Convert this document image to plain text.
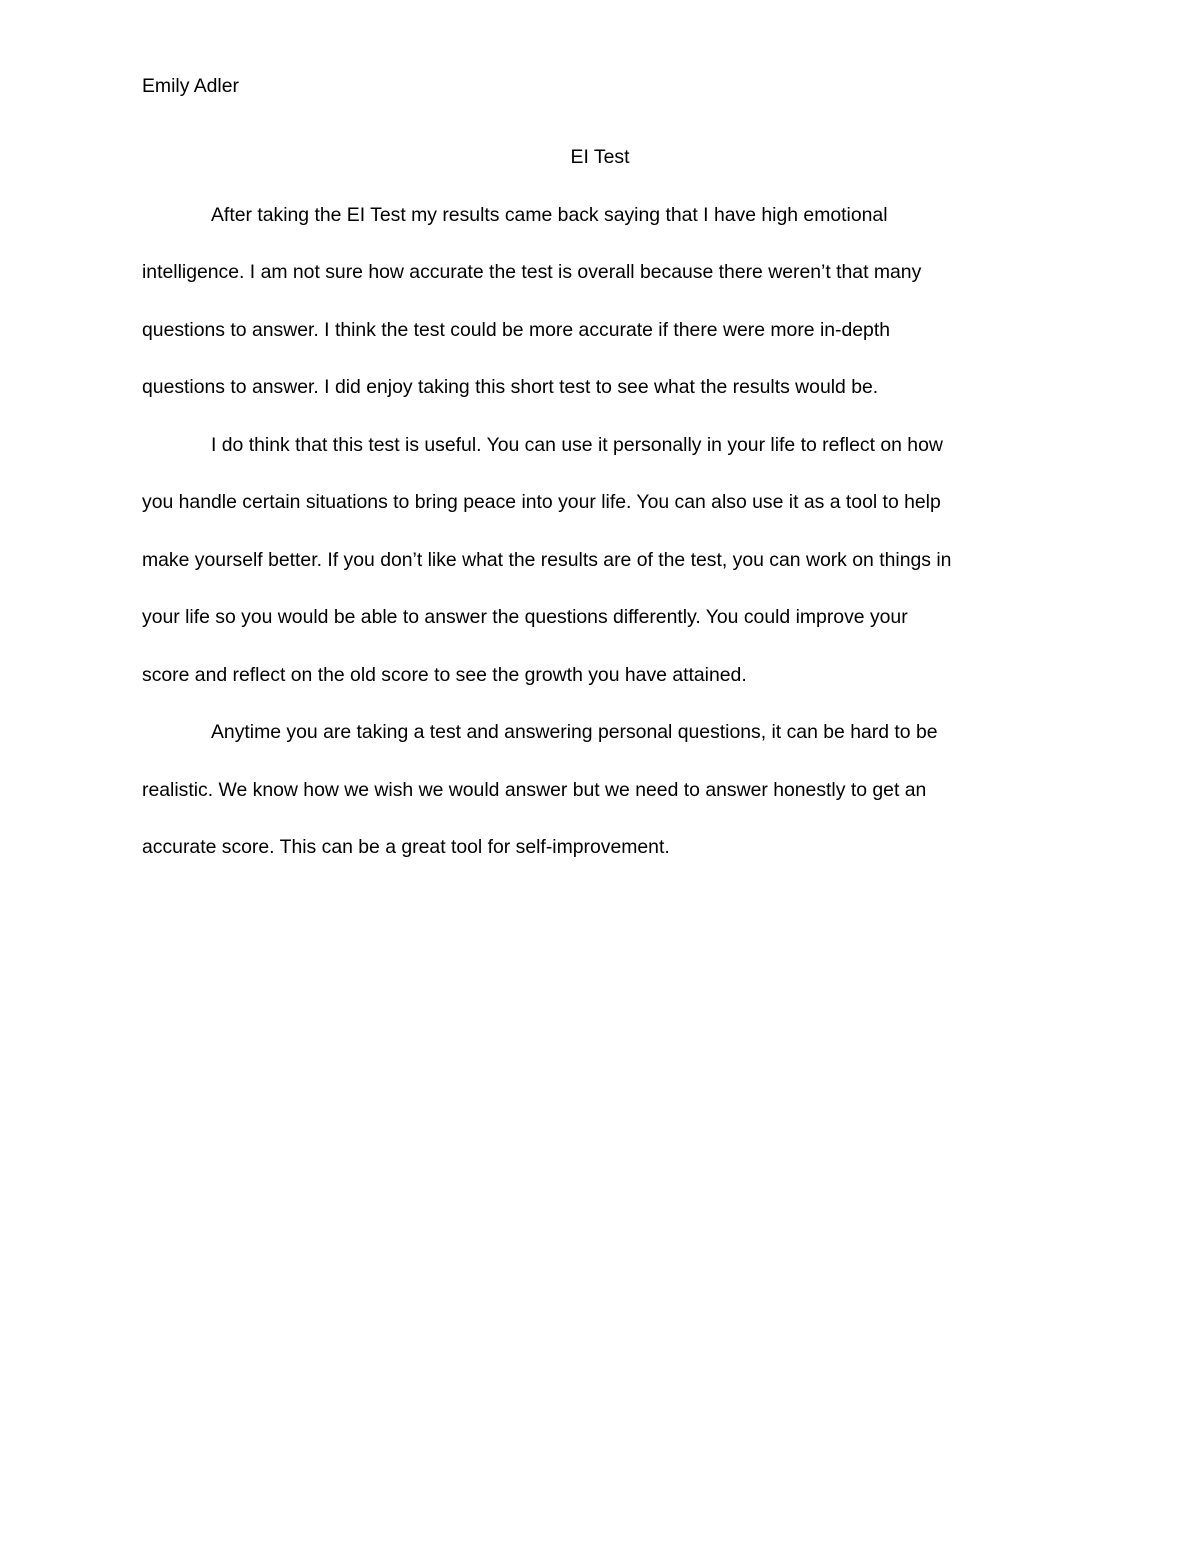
Emily Adler
EI Test
After taking the EI Test my results came back saying that I have high emotional
intelligence. I am not sure how accurate the test is overall because there weren’t that many
questions to answer. I think the test could be more accurate if there were more in-depth
questions to answer. I did enjoy taking this short test to see what the results would be.
I do think that this test is useful. You can use it personally in your life to reflect on how
you handle certain situations to bring peace into your life. You can also use it as a tool to help
make yourself better. If you don’t like what the results are of the test, you can work on things in
your life so you would be able to answer the questions differently. You could improve your
score and reflect on the old score to see the growth you have attained.
Anytime you are taking a test and answering personal questions, it can be hard to be
realistic. We know how we wish we would answer but we need to answer honestly to get an
accurate score. This can be a great tool for self-improvement.
